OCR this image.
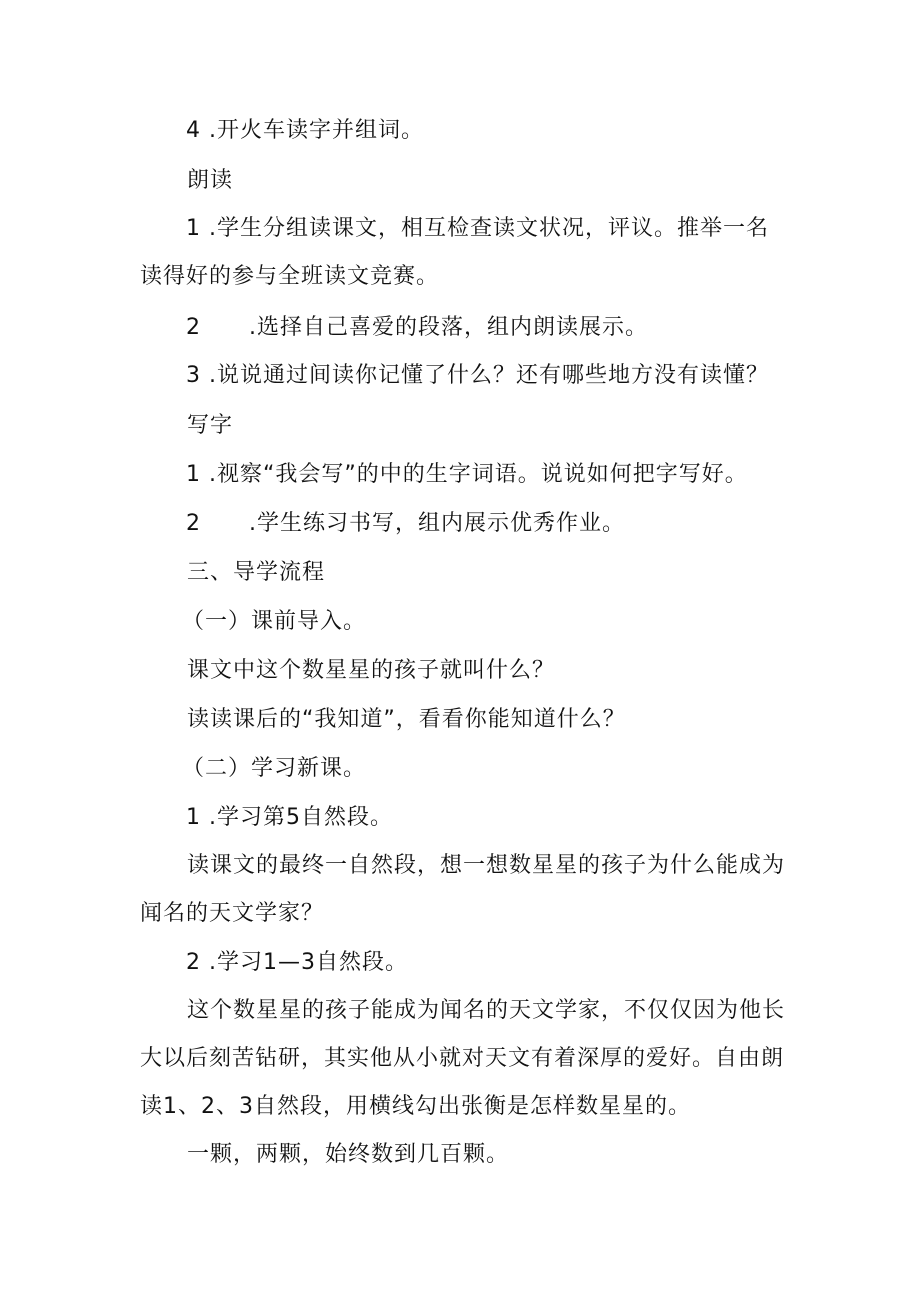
4 .开火车读字并组词。
朗读
1 .学生分组读课文，相互检查读文状况，评议。推举一名
读得好的参与全班读文竞赛。
2      .选择自己喜爱的段落，组内朗读展示。
3 .说说通过间读你记懂了什么？还有哪些地方没有读懂？
写字
1 .视察“我会写”的中的生字词语。说说如何把字写好。
2      .学生练习书写，组内展示优秀作业。
三、导学流程
（一）课前导入。
课文中这个数星星的孩子就叫什么？
读读课后的“我知道”，看看你能知道什么？
（二）学习新课。
1 .学习第5自然段。
读课文的最终一自然段，想一想数星星的孩子为什么能成为
闻名的天文学家？
2 .学习1—3自然段。
这个数星星的孩子能成为闻名的天文学家，不仅仅因为他长
大以后刻苦钻研，其实他从小就对天文有着深厚的爱好。自由朗
读1、2、3自然段，用横线勾出张衡是怎样数星星的。
一颗，两颗，始终数到几百颗。
